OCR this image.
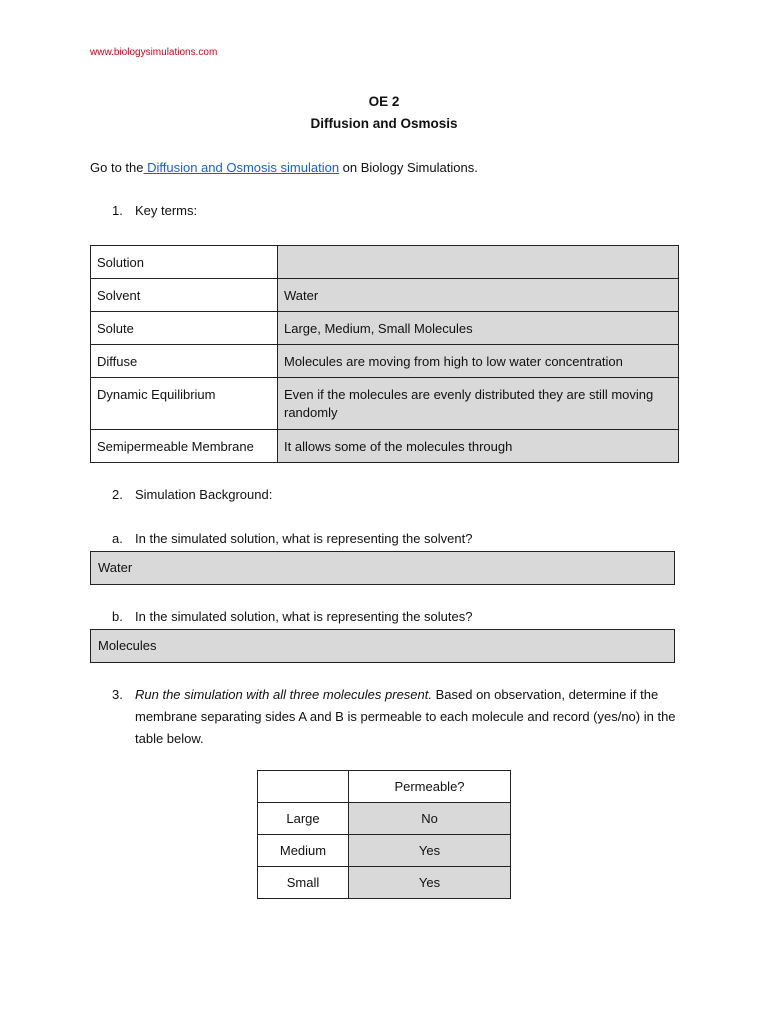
www.biologysimulations.com
OE 2
Diffusion and Osmosis
Go to the Diffusion and Osmosis simulation on Biology Simulations.
1. Key terms:
Solution	
Solvent	Water
Solute	Large, Medium, Small Molecules
Diffuse	Molecules are moving from high to low water concentration
Dynamic Equilibrium	Even if the molecules are evenly distributed they are still moving randomly
Semipermeable Membrane	It allows some of the molecules through
2. Simulation Background:
a. In the simulated solution, what is representing the solvent?
Water
b. In the simulated solution, what is representing the solutes?
Molecules
3. Run the simulation with all three molecules present. Based on observation, determine if the membrane separating sides A and B is permeable to each molecule and record (yes/no) in the table below.
	Permeable?
Large	No
Medium	Yes
Small	Yes
